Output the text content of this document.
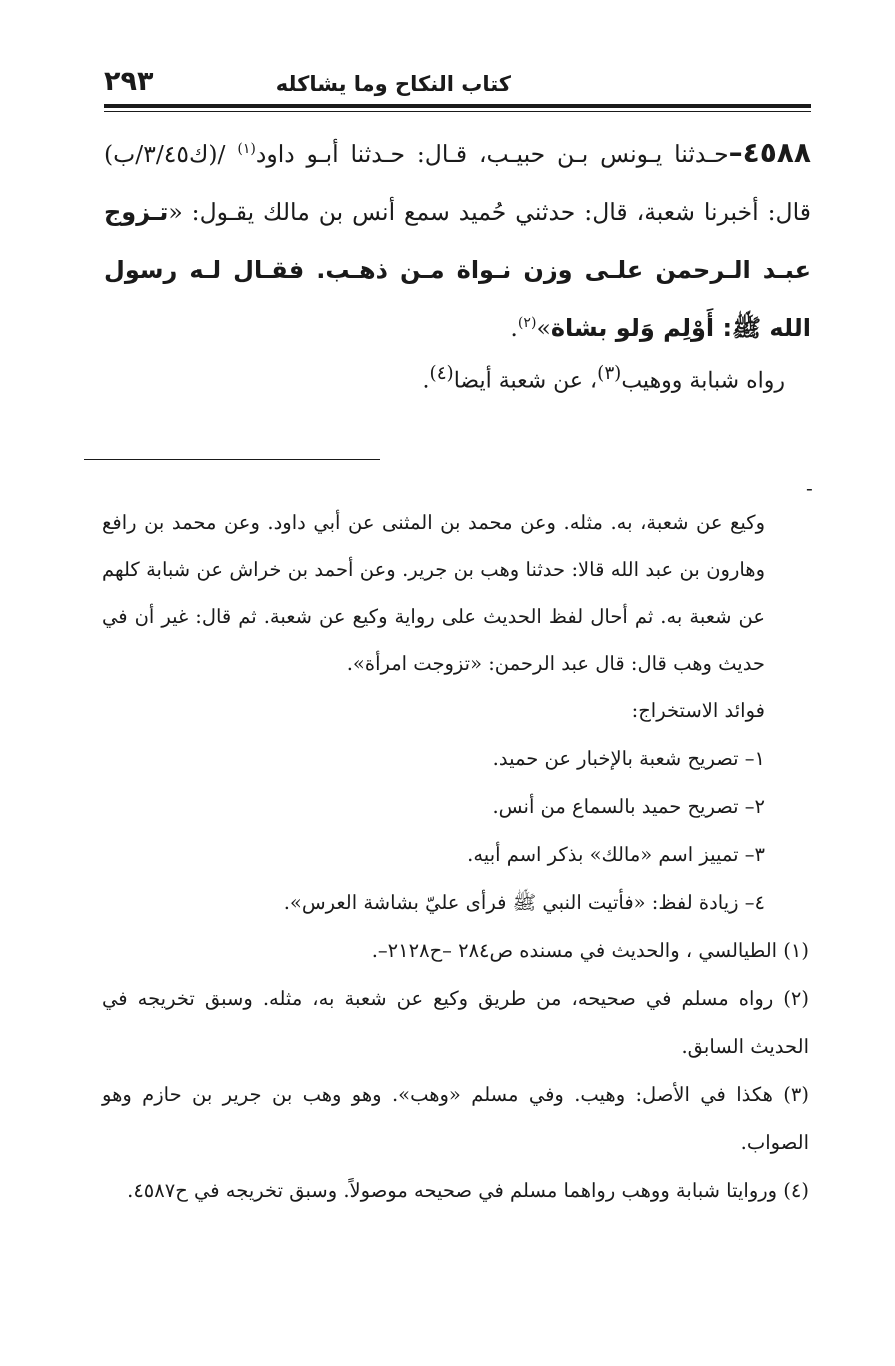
كتاب النكاح وما يشاكله
٢٩٣
٤٥٨٨–حـدثنا يـونس بـن حبيـب، قـال: حـدثنا أبـو داود$^{(١)}$ /(ك٣/٤٥/ب) قال: أخبرنا شعبة، قال: حدثني حُميد سمع أنس بن مالك يقـول: «تـزوج عبـد الـرحمن علـى وزن نـواة مـن ذهـب. فقـال لـه رسول الله ﷺ: أَوْلِم وَلو بشاة»$^{(٢)}$.
رواه شبابة ووهيب$^{(٣)}$، عن شعبة أيضا$^{(٤)}$.
-
وكيع عن شعبة، به. مثله. وعن محمد بن المثنى عن أبي داود. وعن محمد بن رافع وهارون بن عبد الله قالا: حدثنا وهب بن جرير. وعن أحمد بن خراش عن شبابة كلهم عن شعبة به. ثم أحال لفظ الحديث على رواية وكيع عن شعبة. ثم قال: غير أن في حديث وهب قال: قال عبد الرحمن: «تزوجت امرأة».
فوائد الاستخراج:
١– تصريح شعبة بالإخبار عن حميد.
٢– تصريح حميد بالسماع من أنس.
٣– تمييز اسم «مالك» بذكر اسم أبيه.
٤– زيادة لفظ: «فأتيت النبي ﷺ فرأى عليّ بشاشة العرس».
(١) الطيالسي ، والحديث في مسنده ص٢٨٤ –ح٢١٢٨–.
(٢) رواه مسلم في صحيحه، من طريق وكيع عن شعبة به، مثله. وسبق تخريجه في الحديث السابق.
(٣) هكذا في الأصل: وهيب. وفي مسلم «وهب». وهو وهب بن جرير بن حازم وهو الصواب.
(٤) وروايتا شبابة ووهب رواهما مسلم في صحيحه موصولاً. وسبق تخريجه في ح٤٥٨٧.
